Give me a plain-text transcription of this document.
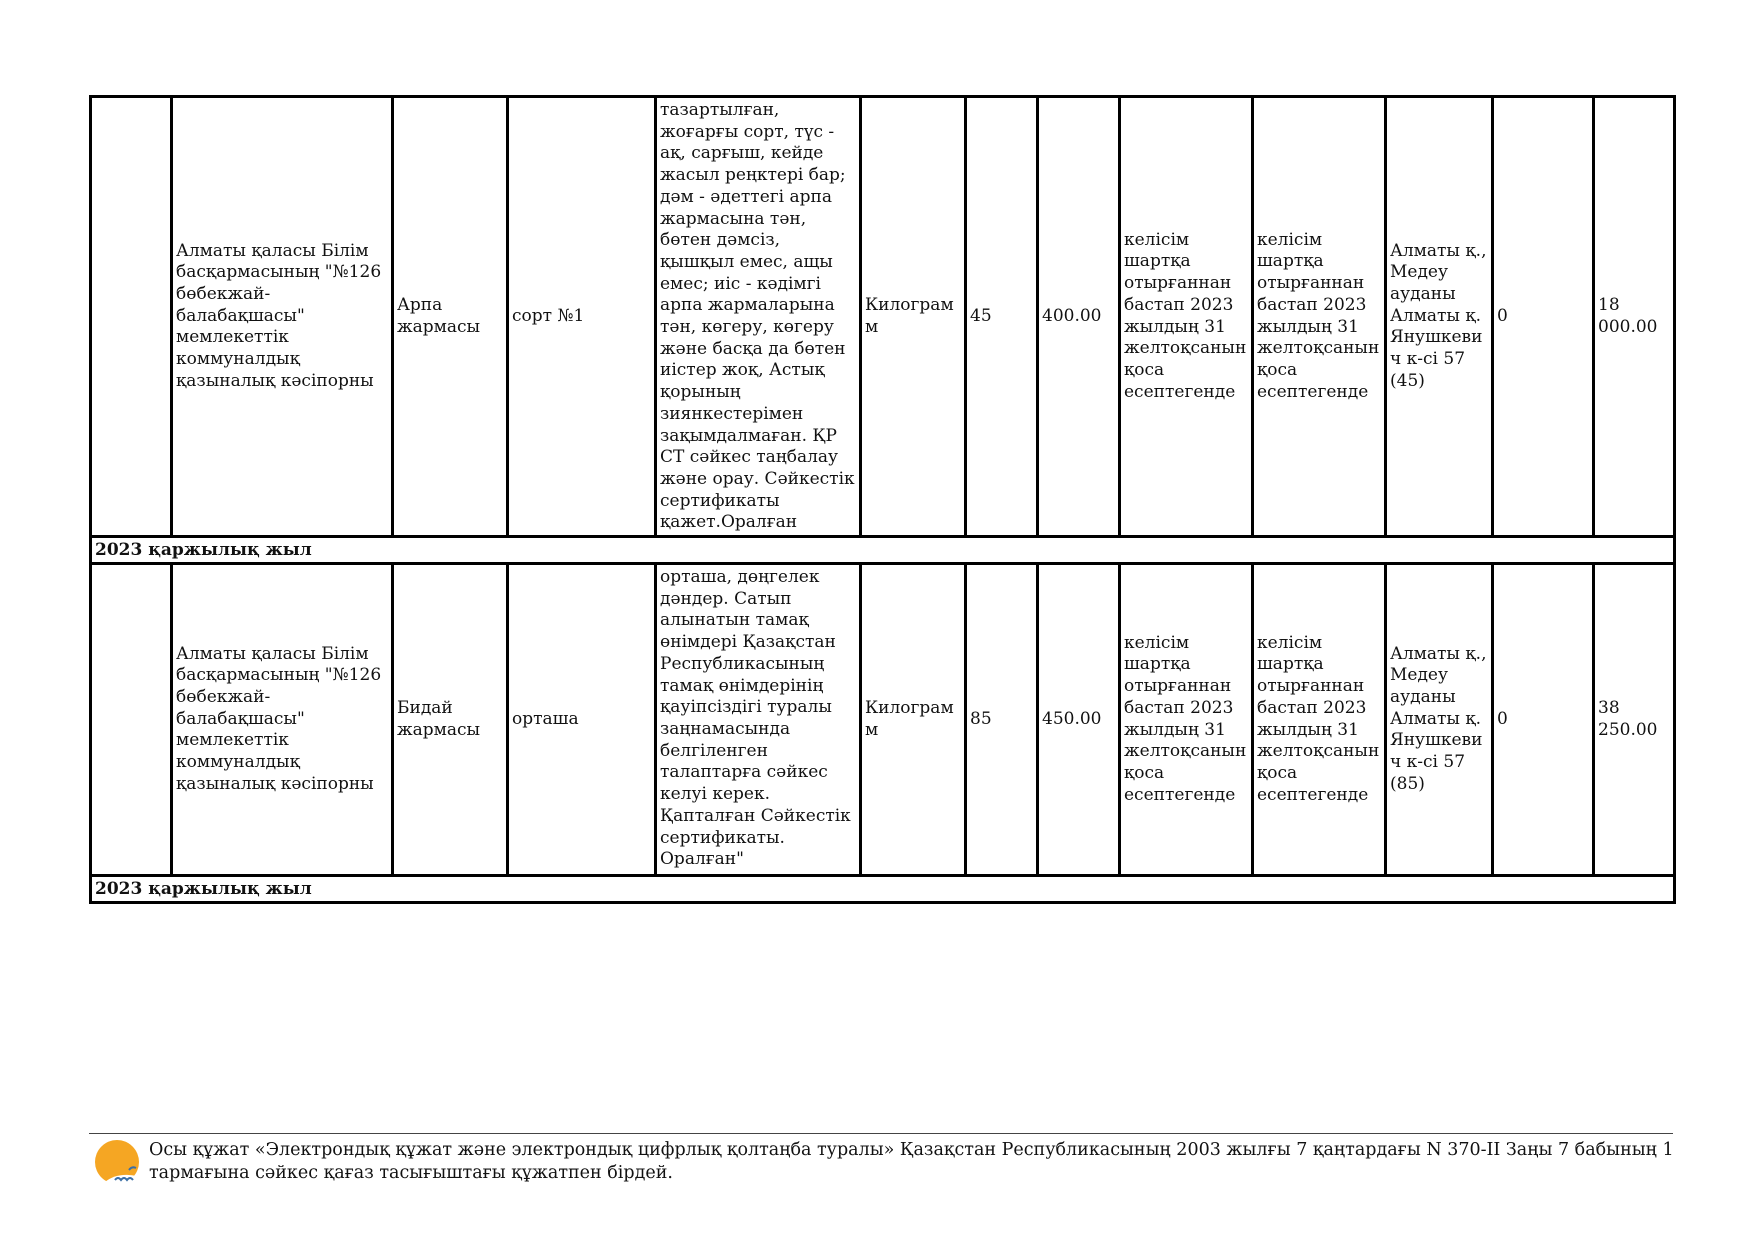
	Алматы қаласы Білім басқармасының "№126 бөбекжай-балабақшасы" мемлекеттік коммуналдық қазыналық кәсіпорны	Арпа жармасы	сорт №1	тазартылған, жоғарғы сорт, түс - ақ, сарғыш, кейде жасыл реңктері бар; дәм - әдеттегі арпа жармасына тән, бөтен дәмсіз, қышқыл емес, ащы емес; иіс - кәдімгі арпа жармаларына тән, көгеру, көгеру және басқа да бөтен иістер жоқ, Астық қорының зиянкестерімен зақымдалмаған. ҚР СТ сәйкес таңбалау және орау. Сәйкестік сертификаты қажет.Оралған	Килограмм	45	400.00	келісім шартқа отырғаннан бастап 2023 жылдың 31 желтоқсанын қоса есептегенде	келісім шартқа отырғаннан бастап 2023 жылдың 31 желтоқсанын қоса есептегенде	Алматы қ., Медеу ауданы Алматы қ. Янушкевич к-сі 57 (45)	0	18 000.00
2023 қаржылық жыл												
	Алматы қаласы Білім басқармасының "№126 бөбекжай-балабақшасы" мемлекеттік коммуналдық қазыналық кәсіпорны	Бидай жармасы	орташа	орташа, дөңгелек дәндер. Сатып алынатын тамақ өнімдері Қазақстан Республикасының тамақ өнімдерінің қауіпсіздігі туралы заңнамасында белгіленген талаптарға сәйкес келуі керек. Қапталған Сәйкестік сертификаты. Оралған"	Килограмм	85	450.00	келісім шартқа отырғаннан бастап 2023 жылдың 31 желтоқсанын қоса есептегенде	келісім шартқа отырғаннан бастап 2023 жылдың 31 желтоқсанын қоса есептегенде	Алматы қ., Медеу ауданы Алматы қ. Янушкевич к-сі 57 (85)	0	38 250.00
2023 қаржылық жыл												
Осы құжат «Электрондық құжат және электрондық цифрлық қолтаңба туралы» Қазақстан Республикасының 2003 жылғы 7 қаңтардағы N 370-II Заңы 7 бабының 1 тармағына сәйкес қағаз тасығыштағы құжатпен бірдей.
